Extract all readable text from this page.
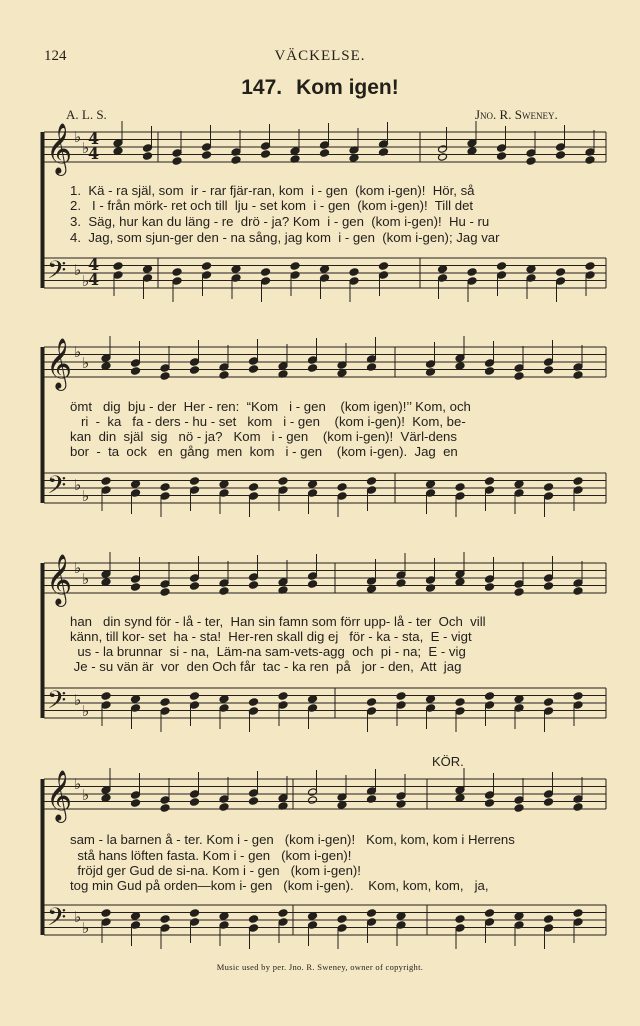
124	VÄCKELSE.
147. Kom igen!
A. L. S.	Jno. R. Sweney.
𝄞
𝄢
♭
♭
♭
♭
4
4
4
4
𝄞
𝄢
♭
♭
♭
♭
𝄞
𝄢
♭
♭
♭
♭
𝄞
𝄢
♭
♭
♭
♭
1.  Kä - ra själ, som  ir - rar fjär-ran, kom  i - gen  (kom i-gen)!  Hör, så
2.   I - från mörk- ret och till  lju - set kom  i - gen  (kom i-gen)!  Till det
3.  Säg, hur kan du läng - re  drö - ja? Kom  i - gen  (kom i-gen)!  Hu - ru
4.  Jag, som sjun-ger den - na sång, jag kom  i - gen  (kom i-gen); Jag var
ömt   dig  bju - der  Her - ren:  “Kom   i - gen    (kom igen)!’’ Kom, och
ri  -  ka   fa - ders - hu - set   kom   i - gen    (kom i-gen)!  Kom, be-
kan  din  själ  sig   nö - ja?   Kom   i - gen    (kom i-gen)!  Värl-dens
bor  -  ta  ock   en  gång  men  kom   i - gen    (kom i-gen).  Jag  en
han   din synd för - lå - ter,  Han sin famn som förr upp- lå - ter  Och  vill
känn, till kor- set  ha - sta!  Her-ren skall dig ej   för - ka - sta,  E - vigt
us - la brunnar  si - na,  Läm-na sam-vets-agg  och  pi - na;  E - vig
Je - su vän är  vor  den Och får  tac - ka ren  på   jor - den,  Att  jag
KÖR.
sam - la barnen å - ter. Kom i - gen   (kom i-gen)!   Kom, kom, kom i Herrens
stå hans löften fasta. Kom i - gen   (kom i-gen)!
fröjd ger Gud de si-na. Kom i - gen   (kom i-gen)!
tog min Gud på orden—kom i- gen   (kom i-gen).    Kom, kom, kom,   ja,
Music used by per. Jno. R. Sweney, owner of copyright.
